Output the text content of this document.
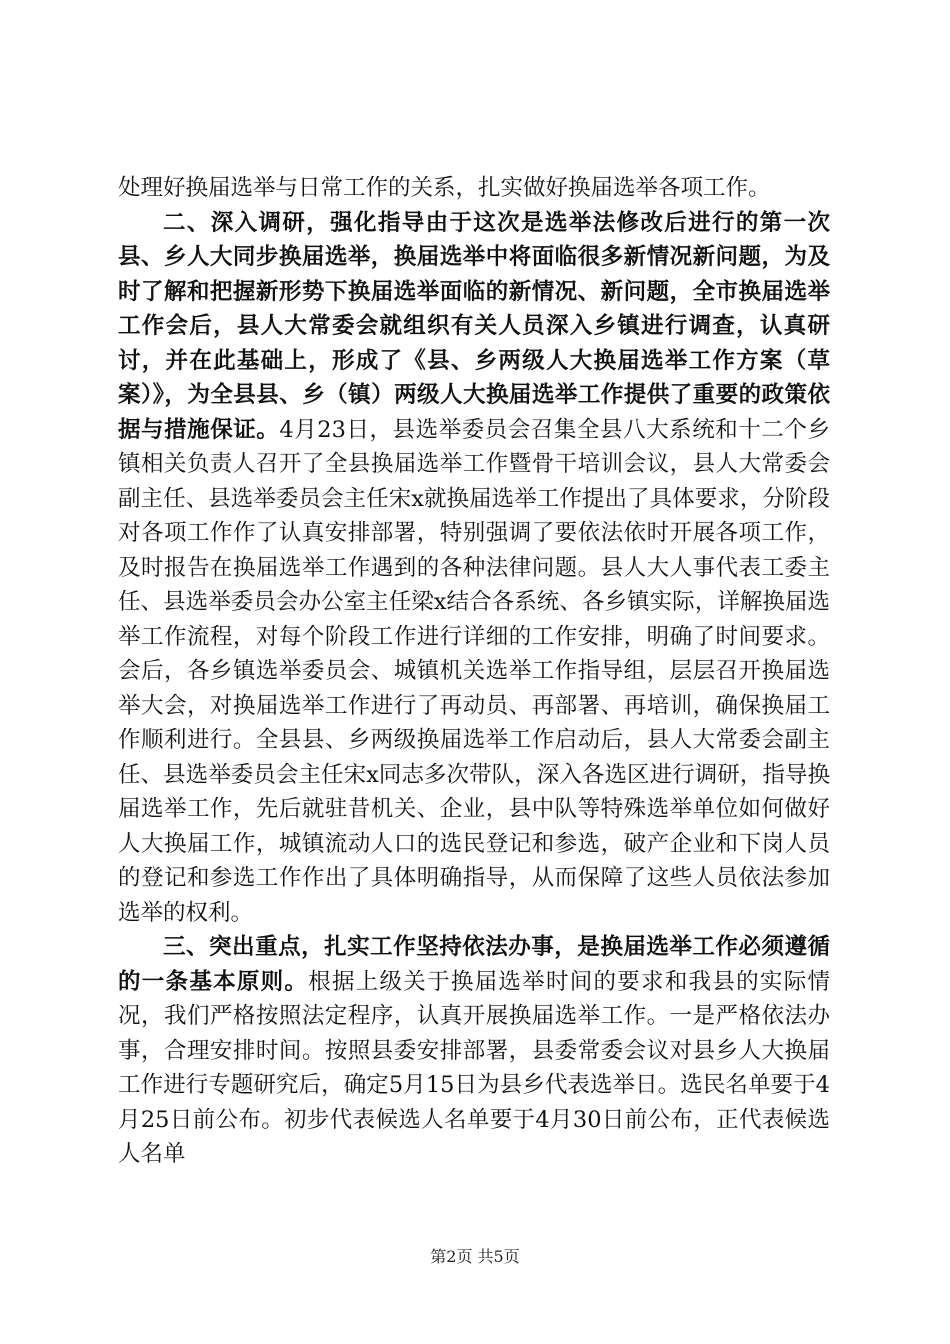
处理好换届选举与日常工作的关系，扎实做好换届选举各项工作。

二、深入调研，强化指导由于这次是选举法修改后进行的第一次县、乡人大同步换届选举，换届选举中将面临很多新情况新问题，为及时了解和把握新形势下换届选举面临的新情况、新问题，全市换届选举工作会后，县人大常委会就组织有关人员深入乡镇进行调查，认真研讨，并在此基础上，形成了《县、乡两级人大换届选举工作方案（草案）》，为全县县、乡（镇）两级人大换届选举工作提供了重要的政策依据与措施保证。4月23日，县选举委员会召集全县八大系统和十二个乡镇相关负责人召开了全县换届选举工作暨骨干培训会议，县人大常委会副主任、县选举委员会主任宋x就换届选举工作提出了具体要求，分阶段对各项工作作了认真安排部署，特别强调了要依法依时开展各项工作，及时报告在换届选举工作遇到的各种法律问题。县人大人事代表工委主任、县选举委员会办公室主任梁x结合各系统、各乡镇实际，详解换届选举工作流程，对每个阶段工作进行详细的工作安排，明确了时间要求。会后，各乡镇选举委员会、城镇机关选举工作指导组，层层召开换届选举大会，对换届选举工作进行了再动员、再部署、再培训，确保换届工作顺利进行。全县县、乡两级换届选举工作启动后，县人大常委会副主任、县选举委员会主任宋x同志多次带队，深入各选区进行调研，指导换届选举工作，先后就驻昔机关、企业，县中队等特殊选举单位如何做好人大换届工作，城镇流动人口的选民登记和参选，破产企业和下岗人员的登记和参选工作作出了具体明确指导，从而保障了这些人员依法参加选举的权利。

三、突出重点，扎实工作坚持依法办事，是换届选举工作必须遵循的一条基本原则。根据上级关于换届选举时间的要求和我县的实际情况，我们严格按照法定程序，认真开展换届选举工作。一是严格依法办事，合理安排时间。按照县委安排部署，县委常委会议对县乡人大换届工作进行专题研究后，确定5月15日为县乡代表选举日。选民名单要于4月25日前公布。初步代表候选人名单要于4月30日前公布，正代表候选人名单

第2页 共5页
